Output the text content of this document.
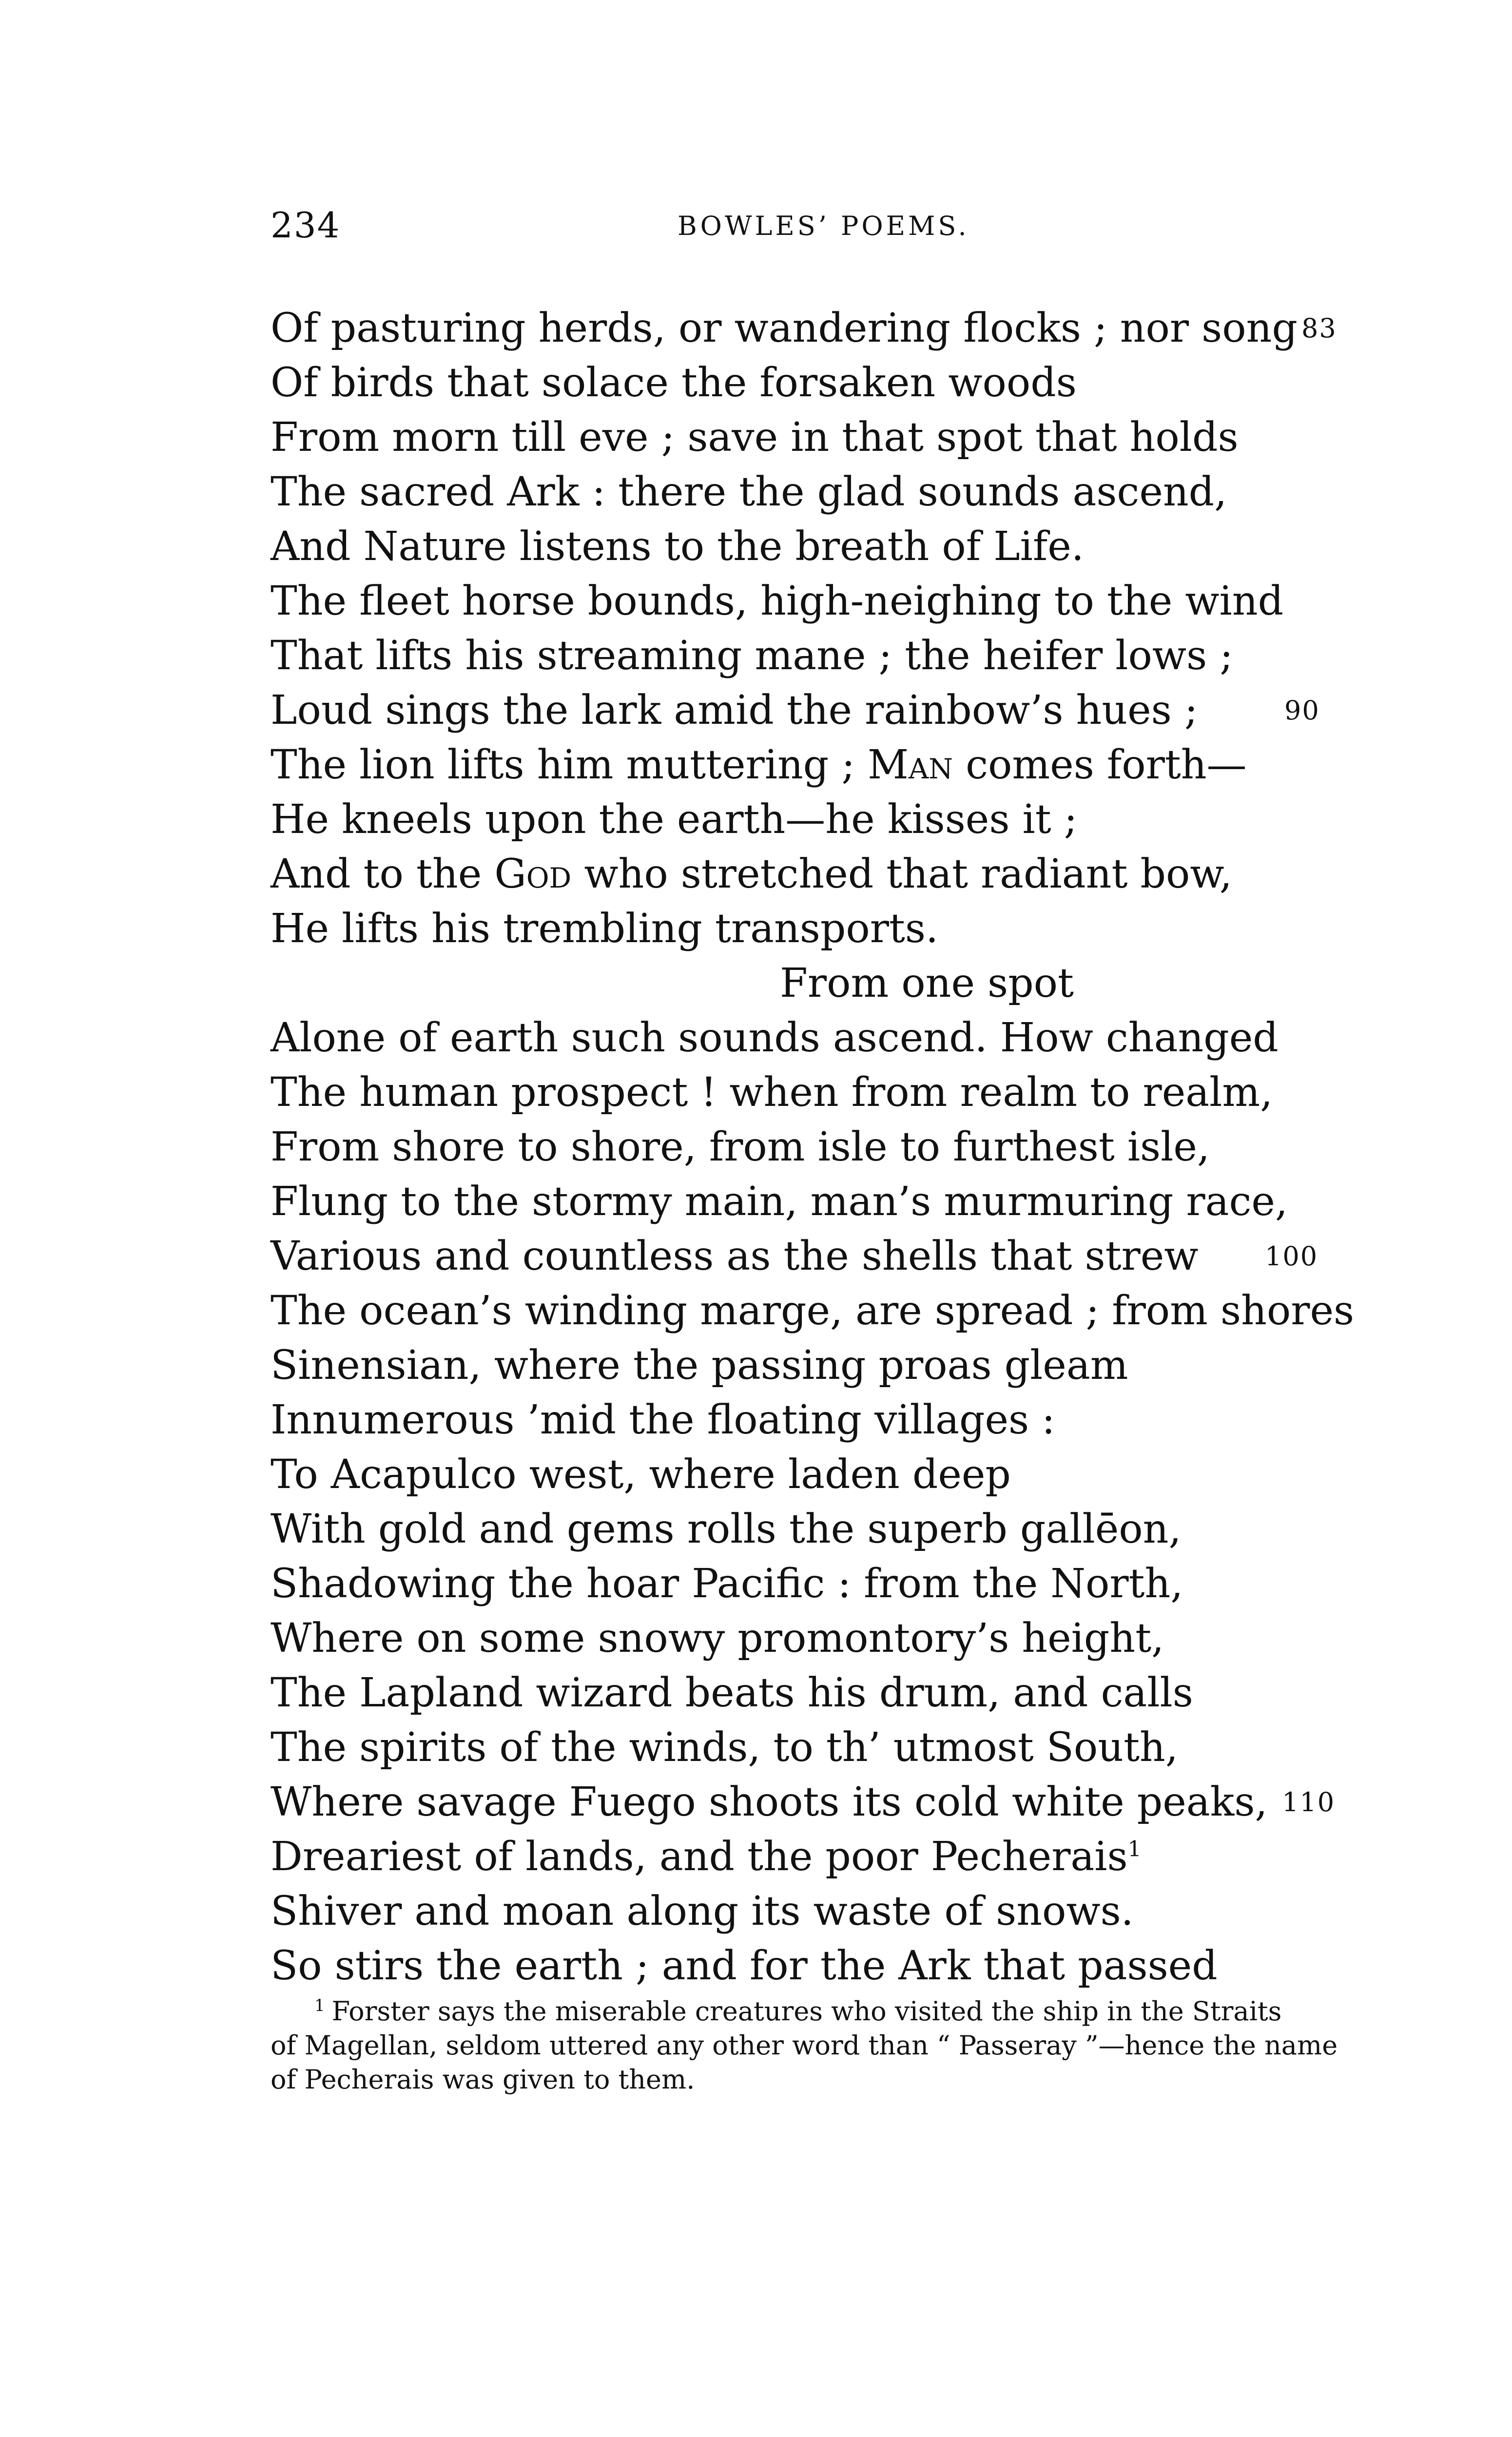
234	BOWLES’ POEMS.
Of pasturing herds, or wandering flocks ; nor song 83
Of birds that solace the forsaken woods
From morn till eve ; save in that spot that holds
The sacred Ark : there the glad sounds ascend,
And Nature listens to the breath of Life.
The fleet horse bounds, high-neighing to the wind
That lifts his streaming mane ; the heifer lows ;
Loud sings the lark amid the rainbow’s hues ;	90
The lion lifts him muttering ; Man comes forth—
He kneels upon the earth—he kisses it ;
And to the God who stretched that radiant bow,
He lifts his trembling transports.
From one spot
Alone of earth such sounds ascend. How changed
The human prospect ! when from realm to realm,
From shore to shore, from isle to furthest isle,
Flung to the stormy main, man’s murmuring race,
Various and countless as the shells that strew	100
The ocean’s winding marge, are spread ; from shores
Sinensian, where the passing proas gleam
Innumerous ’mid the floating villages :
To Acapulco west, where laden deep
With gold and gems rolls the superb gallēon,
Shadowing the hoar Pacific : from the North,
Where on some snowy promontory’s height,
The Lapland wizard beats his drum, and calls
The spirits of the winds, to th’ utmost South,
Where savage Fuego shoots its cold white peaks, 110
Dreariest of lands, and the poor Pecherais$^1$
Shiver and moan along its waste of snows.
So stirs the earth ; and for the Ark that passed
$^1$ Forster says the miserable creatures who visited the ship in the Straits
of Magellan, seldom uttered any other word than “ Passeray ”—hence the name
of Pecherais was given to them.
